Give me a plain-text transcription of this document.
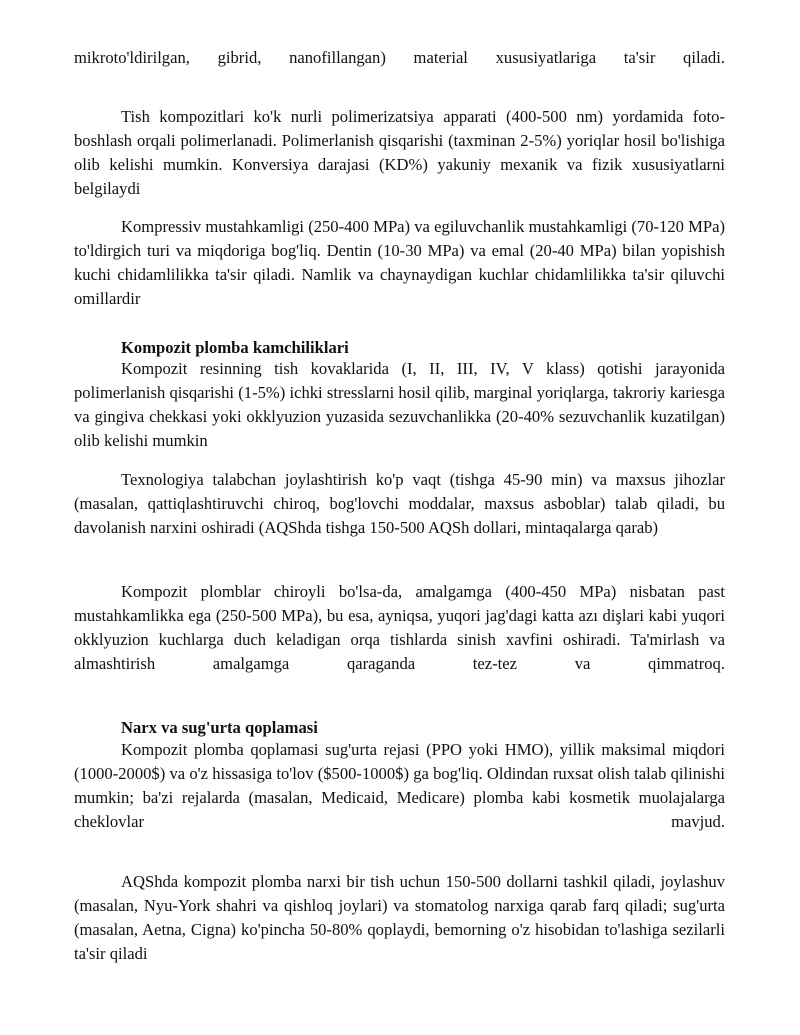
mikroto'ldirilgan, gibrid, nanofillangan) material xususiyatlariga ta'sir qiladi.

Tish kompozitlari ko'k nurli polimerizatsiya apparati (400-500 nm) yordamida foto-boshlash orqali polimerlanadi. Polimerlanish qisqarishi (taxminan 2-5%) yoriqlar hosil bo'lishiga olib kelishi mumkin. Konversiya darajasi (KD%) yakuniy mexanik va fizik xususiyatlarni belgilaydi

Kompressiv mustahkamligi (250-400 MPa) va egiluvchanlik mustahkamligi (70-120 MPa) to'ldirgich turi va miqdoriga bog'liq. Dentin (10-30 MPa) va emal (20-40 MPa) bilan yopishish kuchi chidamlilikka ta'sir qiladi. Namlik va chaynaydigan kuchlar chidamlilikka ta'sir qiluvchi omillardir

Kompozit plomba kamchiliklari

Kompozit resinning tish kovaklarida (I, II, III, IV, V klass) qotishi jarayonida polimerlanish qisqarishi (1-5%) ichki stresslarni hosil qilib, marginal yoriqlarga, takroriy kariesga va gingiva chekkasi yoki okklyuzion yuzasida sezuvchanlikka (20-40% sezuvchanlik kuzatilgan) olib kelishi mumkin

Texnologiya talabchan joylashtirish ko'p vaqt (tishga 45-90 min) va maxsus jihozlar (masalan, qattiqlashtiruvchi chiroq, bog'lovchi moddalar, maxsus asboblar) talab qiladi, bu davolanish narxini oshiradi (AQShda tishga 150-500 AQSh dollari, mintaqalarga qarab)

Kompozit plomblar chiroyli bo'lsa-da, amalgamga (400-450 MPa) nisbatan past mustahkamlikka ega (250-500 MPa), bu esa, ayniqsa, yuqori jag'dagi katta azı dişlari kabi yuqori okklyuzion kuchlarga duch keladigan orqa tishlarda sinish xavfini oshiradi. Ta'mirlash va almashtirish amalgamga qaraganda tez-tez va qimmatroq.

Narx va sug'urta qoplamasi

Kompozit plomba qoplamasi sug'urta rejasi (PPO yoki HMO), yillik maksimal miqdori (1000-2000$) va o'z hissasiga to'lov ($500-1000$) ga bog'liq. Oldindan ruxsat olish talab qilinishi mumkin; ba'zi rejalarda (masalan, Medicaid, Medicare) plomba kabi kosmetik muolajalarga cheklovlar mavjud.

AQShda kompozit plomba narxi bir tish uchun 150-500 dollarni tashkil qiladi, joylashuv (masalan, Nyu-York shahri va qishloq joylari) va stomatolog narxiga qarab farq qiladi; sug'urta (masalan, Aetna, Cigna) ko'pincha 50-80% qoplaydi, bemorning o'z hisobidan to'lashiga sezilarli ta'sir qiladi
